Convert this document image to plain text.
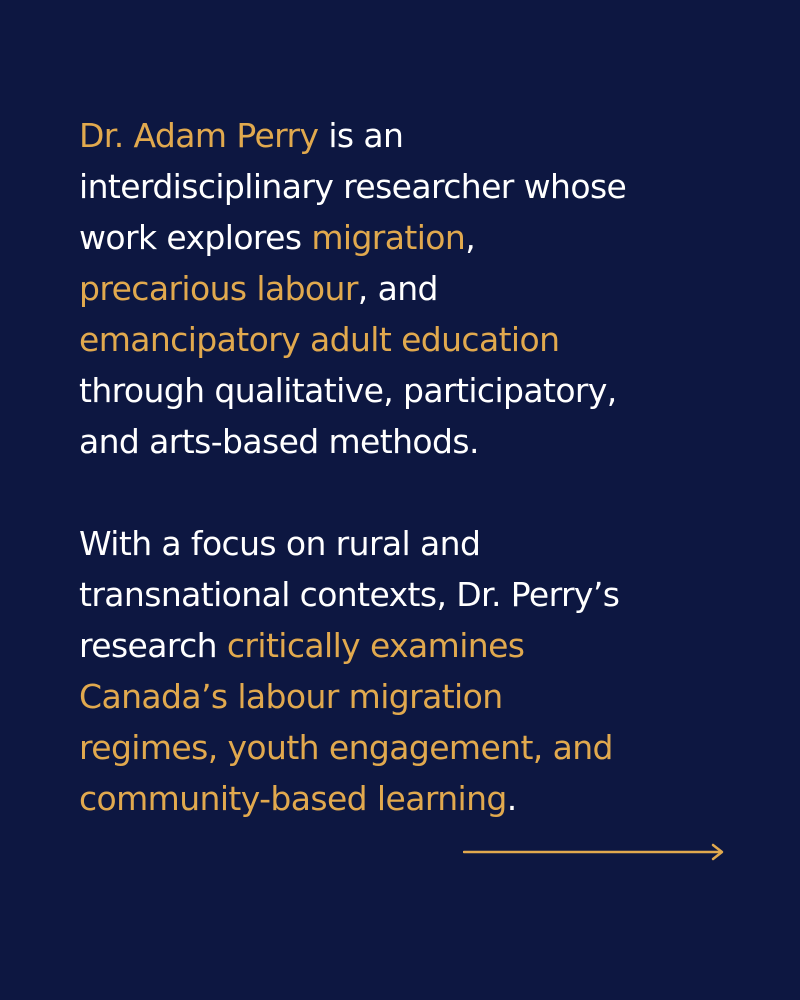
Dr. Adam Perry is an
interdisciplinary researcher whose
work explores migration,
precarious labour, and
emancipatory adult education
through qualitative, participatory,
and arts-based methods.

With a focus on rural and
transnational contexts, Dr. Perry’s
research critically examines
Canada’s labour migration
regimes, youth engagement, and
community-based learning.
